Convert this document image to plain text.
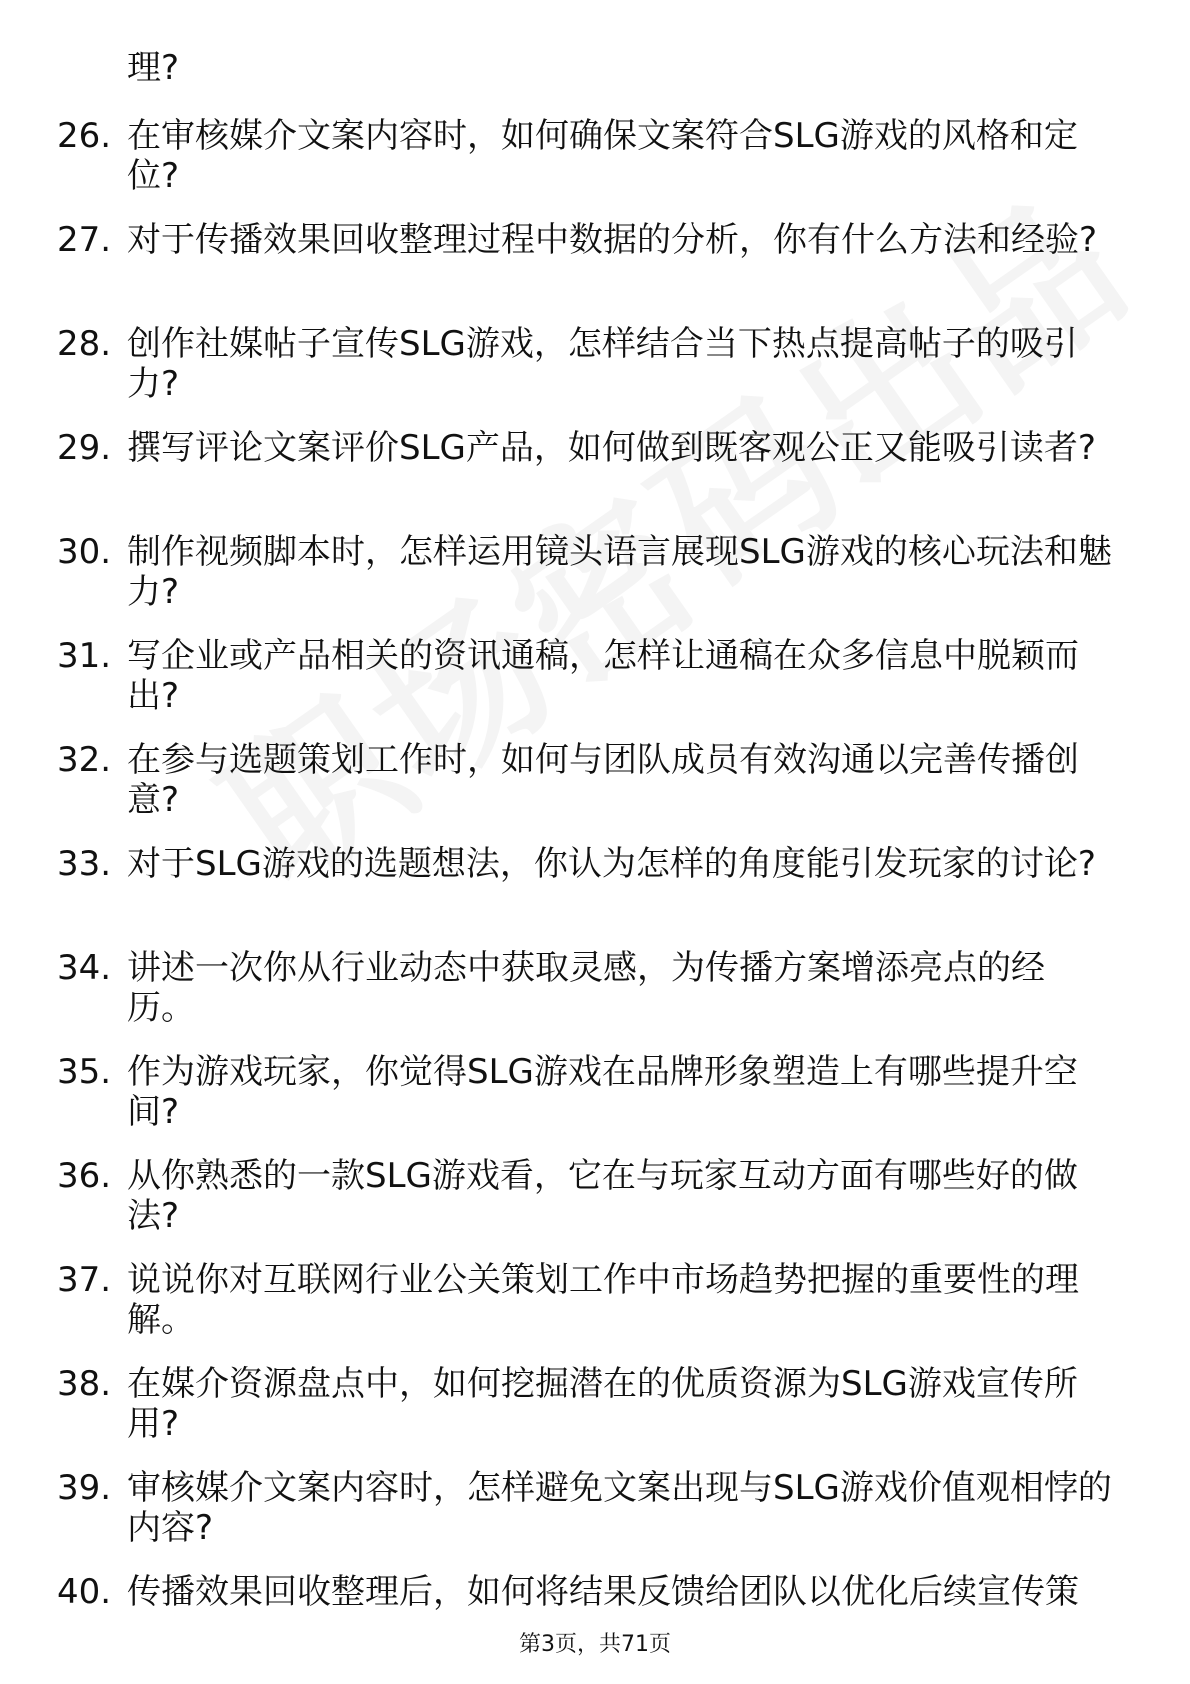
理?
26. 在审核媒介文案内容时，如何确保文案符合SLG游戏的风格和定位?
27. 对于传播效果回收整理过程中数据的分析，你有什么方法和经验?
28. 创作社媒帖子宣传SLG游戏，怎样结合当下热点提高帖子的吸引力?
29. 撰写评论文案评价SLG产品，如何做到既客观公正又能吸引读者?
30. 制作视频脚本时，怎样运用镜头语言展现SLG游戏的核心玩法和魅力?
31. 写企业或产品相关的资讯通稿，怎样让通稿在众多信息中脱颖而出?
32. 在参与选题策划工作时，如何与团队成员有效沟通以完善传播创意?
33. 对于SLG游戏的选题想法，你认为怎样的角度能引发玩家的讨论?
34. 讲述一次你从行业动态中获取灵感，为传播方案增添亮点的经历。
35. 作为游戏玩家，你觉得SLG游戏在品牌形象塑造上有哪些提升空间?
36. 从你熟悉的一款SLG游戏看，它在与玩家互动方面有哪些好的做法?
37. 说说你对互联网行业公关策划工作中市场趋势把握的重要性的理解。
38. 在媒介资源盘点中，如何挖掘潜在的优质资源为SLG游戏宣传所用?
39. 审核媒介文案内容时，怎样避免文案出现与SLG游戏价值观相悖的内容?
40. 传播效果回收整理后，如何将结果反馈给团队以优化后续宣传策
第3页，共71页
